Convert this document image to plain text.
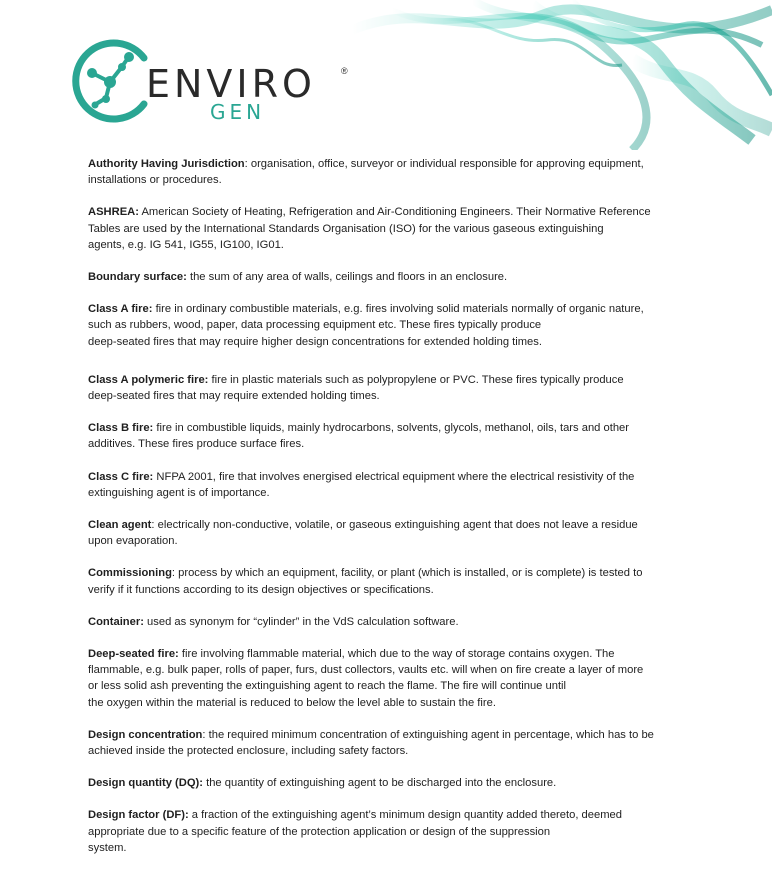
ENVIRO	®
GEN
Authority Having Jurisdiction: organisation, office, surveyor or individual responsible for approving equipment,
installations or procedures.
ASHREA: American Society of Heating, Refrigeration and Air-Conditioning Engineers. Their Normative Reference
Tables are used by the International Standards Organisation (ISO) for the various gaseous extinguishing
agents, e.g. IG 541, IG55, IG100, IG01.
Boundary surface: the sum of any area of walls, ceilings and floors in an enclosure.
Class A fire: fire in ordinary combustible materials, e.g. fires involving solid materials normally of organic nature,
such as rubbers, wood, paper, data processing equipment etc. These fires typically produce
deep-seated fires that may require higher design concentrations for extended holding times.
Class A polymeric fire: fire in plastic materials such as polypropylene or PVC. These fires typically produce
deep-seated fires that may require extended holding times.
Class B fire: fire in combustible liquids, mainly hydrocarbons, solvents, glycols, methanol, oils, tars and other
additives. These fires produce surface fires.
Class C fire: NFPA 2001, fire that involves energised electrical equipment where the electrical resistivity of the
extinguishing agent is of importance.
Clean agent: electrically non-conductive, volatile, or gaseous extinguishing agent that does not leave a residue
upon evaporation.
Commissioning: process by which an equipment, facility, or plant (which is installed, or is complete) is tested to
verify if it functions according to its design objectives or specifications.
Container: used as synonym for “cylinder” in the VdS calculation software.
Deep-seated fire: fire involving flammable material, which due to the way of storage contains oxygen. The
flammable, e.g. bulk paper, rolls of paper, furs, dust collectors, vaults etc. will when on fire create a layer of more
or less solid ash preventing the extinguishing agent to reach the flame. The fire will continue until
the oxygen within the material is reduced to below the level able to sustain the fire.
Design concentration: the required minimum concentration of extinguishing agent in percentage, which has to be
achieved inside the protected enclosure, including safety factors.
Design quantity (DQ): the quantity of extinguishing agent to be discharged into the enclosure.
Design factor (DF): a fraction of the extinguishing agent’s minimum design quantity added thereto, deemed
appropriate due to a specific feature of the protection application or design of the suppression
system.
